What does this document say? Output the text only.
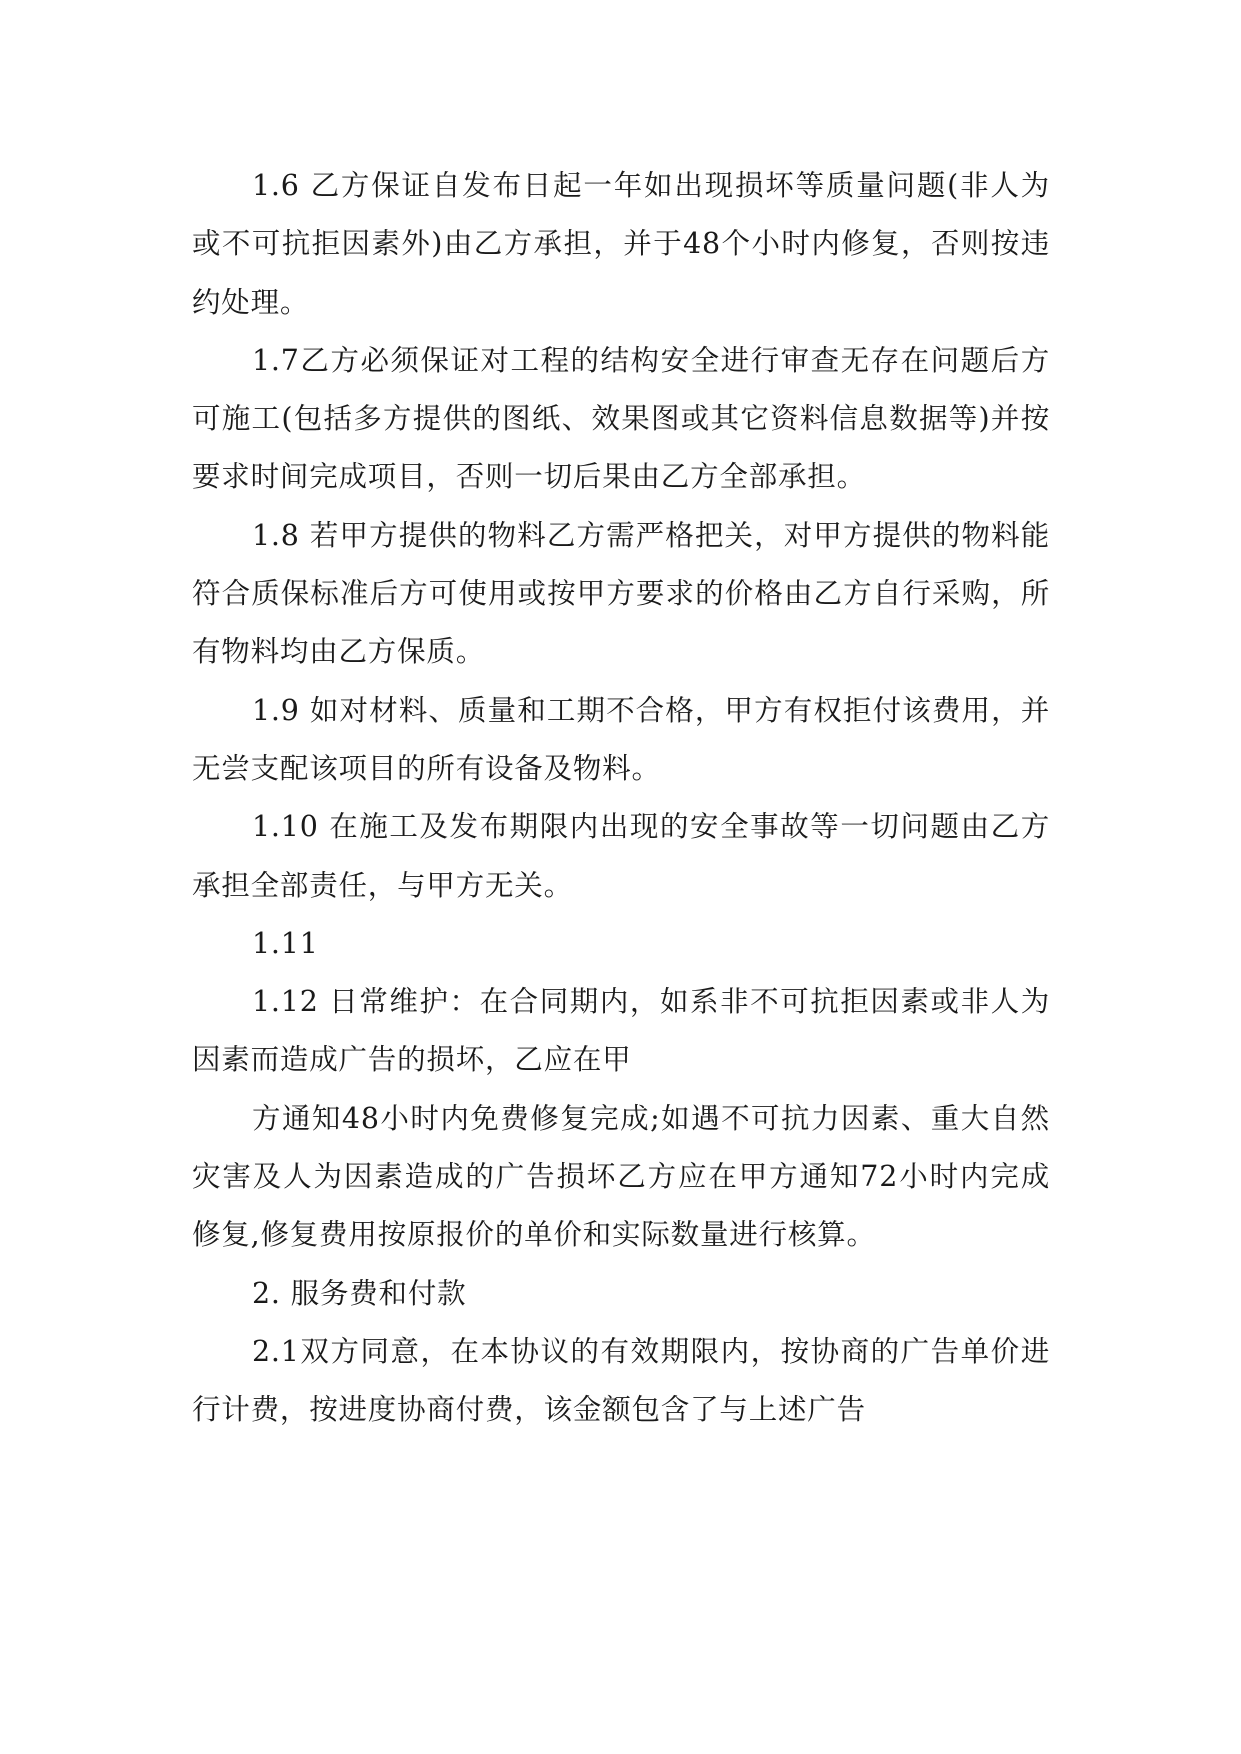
1.6 乙方保证自发布日起一年如出现损坏等质量问题(非人为或不可抗拒因素外)由乙方承担，并于48个小时内修复，否则按违约处理。

1.7乙方必须保证对工程的结构安全进行审查无存在问题后方可施工(包括多方提供的图纸、效果图或其它资料信息数据等)并按要求时间完成项目，否则一切后果由乙方全部承担。

1.8 若甲方提供的物料乙方需严格把关，对甲方提供的物料能符合质保标准后方可使用或按甲方要求的价格由乙方自行采购，所有物料均由乙方保质。

1.9 如对材料、质量和工期不合格，甲方有权拒付该费用，并无尝支配该项目的所有设备及物料。

1.10 在施工及发布期限内出现的安全事故等一切问题由乙方承担全部责任，与甲方无关。

1.11

1.12 日常维护：在合同期内，如系非不可抗拒因素或非人为因素而造成广告的损坏，乙应在甲

方通知48小时内免费修复完成;如遇不可抗力因素、重大自然灾害及人为因素造成的广告损坏乙方应在甲方通知72小时内完成修复,修复费用按原报价的单价和实际数量进行核算。

2. 服务费和付款

2.1双方同意，在本协议的有效期限内，按协商的广告单价进行计费，按进度协商付费，该金额包含了与上述广告
